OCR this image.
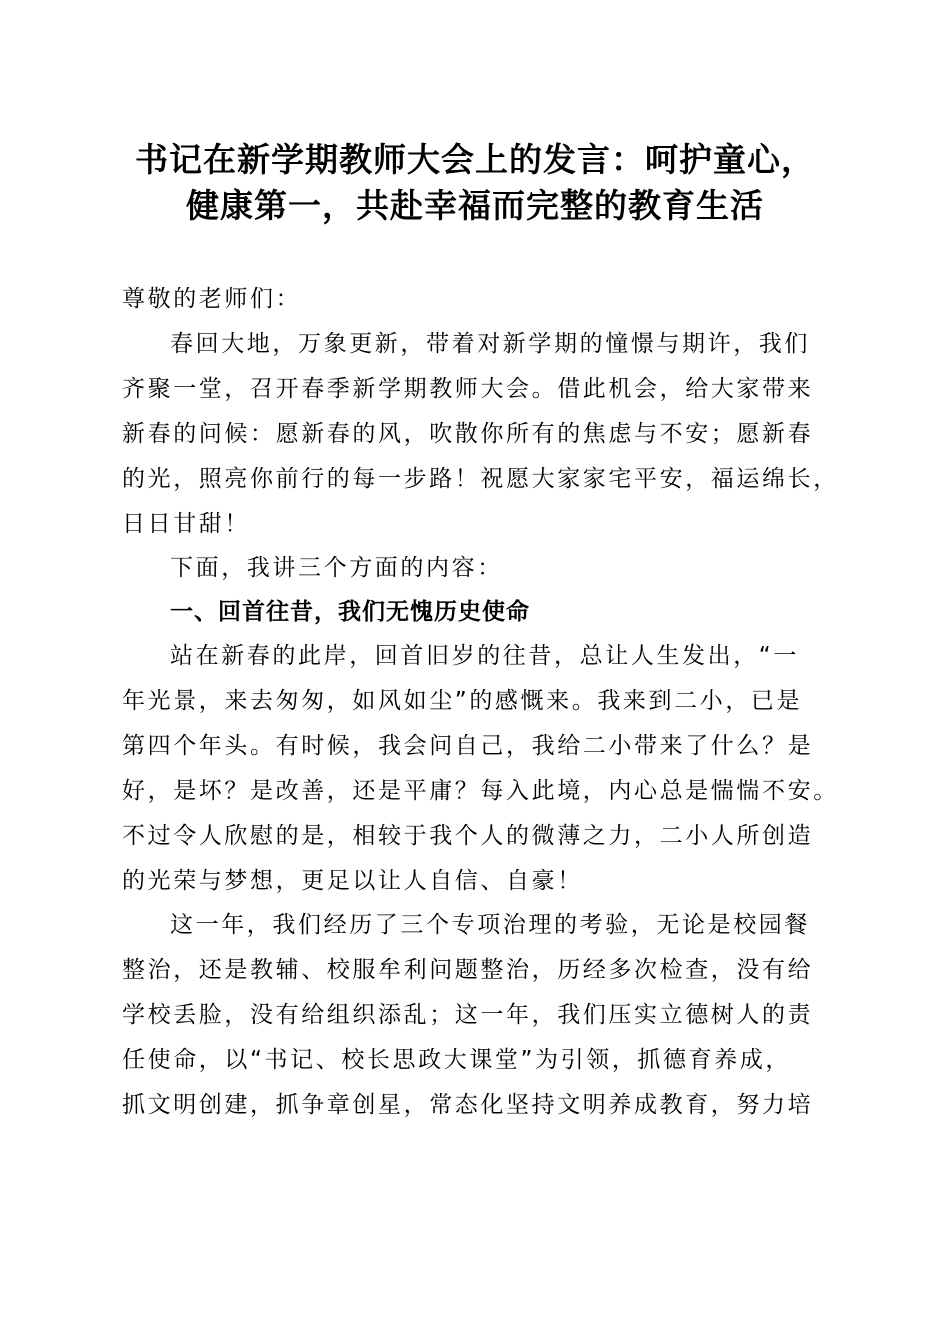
书记在新学期教师大会上的发言：呵护童心，
健康第一，共赴幸福而完整的教育生活
尊敬的老师们：
春回大地，万象更新，带着对新学期的憧憬与期许，我们
齐聚一堂，召开春季新学期教师大会。借此机会，给大家带来
新春的问候：愿新春的风，吹散你所有的焦虑与不安；愿新春
的光，照亮你前行的每一步路！祝愿大家家宅平安，福运绵长，
日日甘甜！
下面，我讲三个方面的内容：
一、回首往昔，我们无愧历史使命
站在新春的此岸，回首旧岁的往昔，总让人生发出，“一
年光景，来去匆匆，如风如尘”的感慨来。我来到二小，已是
第四个年头。有时候，我会问自己，我给二小带来了什么？是
好，是坏？是改善，还是平庸？每入此境，内心总是惴惴不安。
不过令人欣慰的是，相较于我个人的微薄之力，二小人所创造
的光荣与梦想，更足以让人自信、自豪！
这一年，我们经历了三个专项治理的考验，无论是校园餐
整治，还是教辅、校服牟利问题整治，历经多次检查，没有给
学校丢脸，没有给组织添乱；这一年，我们压实立德树人的责
任使命，以“书记、校长思政大课堂”为引领，抓德育养成，
抓文明创建，抓争章创星，常态化坚持文明养成教育，努力培
